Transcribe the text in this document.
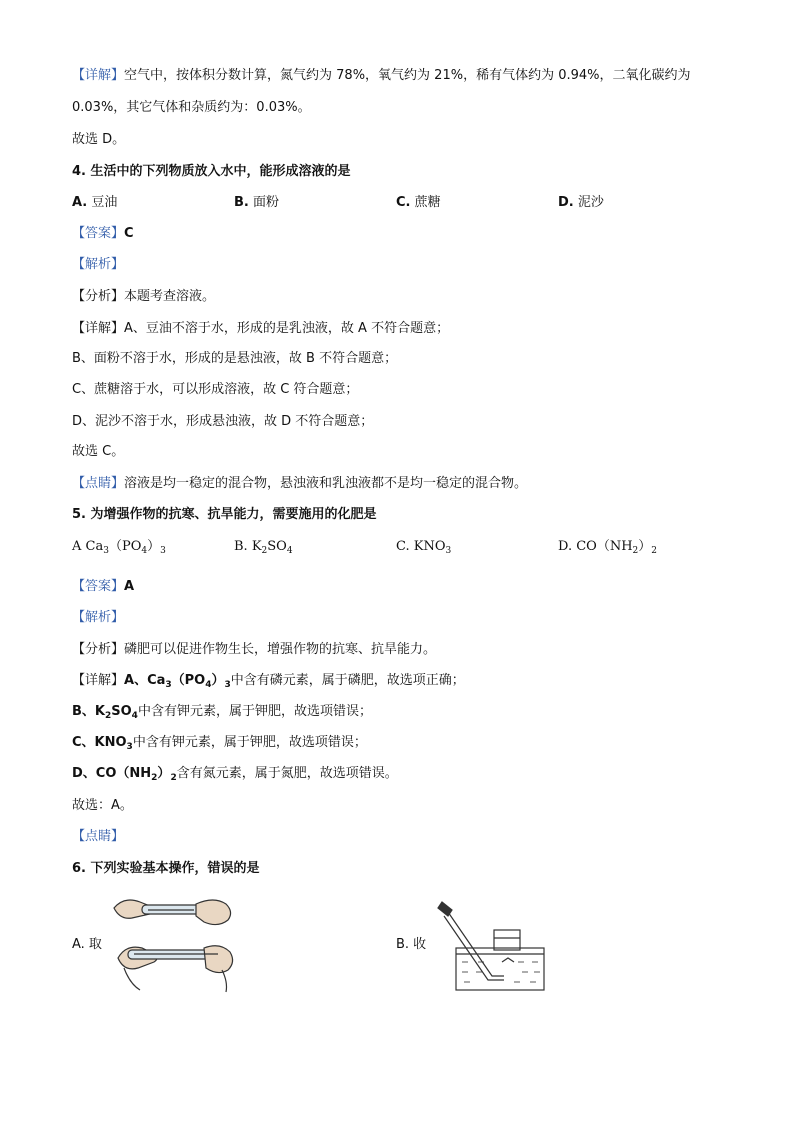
【详解】空气中，按体积分数计算，氮气约为 78%，氧气约为 21%，稀有气体约为 0.94%，二氧化碳约为
0.03%，其它气体和杂质约为：0.03%。
故选 D。
4. 生活中的下列物质放入水中，能形成溶液的是
A. 豆油	B. 面粉	C. 蔗糖	D. 泥沙
【答案】C
【解析】
【分析】本题考查溶液。
【详解】A、豆油不溶于水，形成的是乳浊液，故 A 不符合题意；
B、面粉不溶于水，形成的是悬浊液，故 B 不符合题意；
C、蔗糖溶于水，可以形成溶液，故 C 符合题意；
D、泥沙不溶于水，形成悬浊液，故 D 不符合题意；
故选 C。
【点睛】溶液是均一稳定的混合物，悬浊液和乳浊液都不是均一稳定的混合物。
5. 为增强作物的抗寒、抗旱能力，需要施用的化肥是
A $Ca_3(PO_4)_3$	B. $K_2SO_4$	C. $KNO_3$	D. $CO(NH_2)_2$
【答案】A
【解析】
【分析】磷肥可以促进作物生长，增强作物的抗寒、抗旱能力。
【详解】A、$Ca_3(PO_4)_3$中含有磷元素，属于磷肥，故选项正确；
B、$K_2SO_4$中含有钾元素，属于钾肥，故选项错误；
C、$KNO_3$中含有钾元素，属于钾肥，故选项错误；
D、$CO(NH_2)_2$含有氮元素，属于氮肥，故选项错误。
故选：A。
【点睛】
6. 下列实验基本操作，错误的是
A. 取	B. 收
